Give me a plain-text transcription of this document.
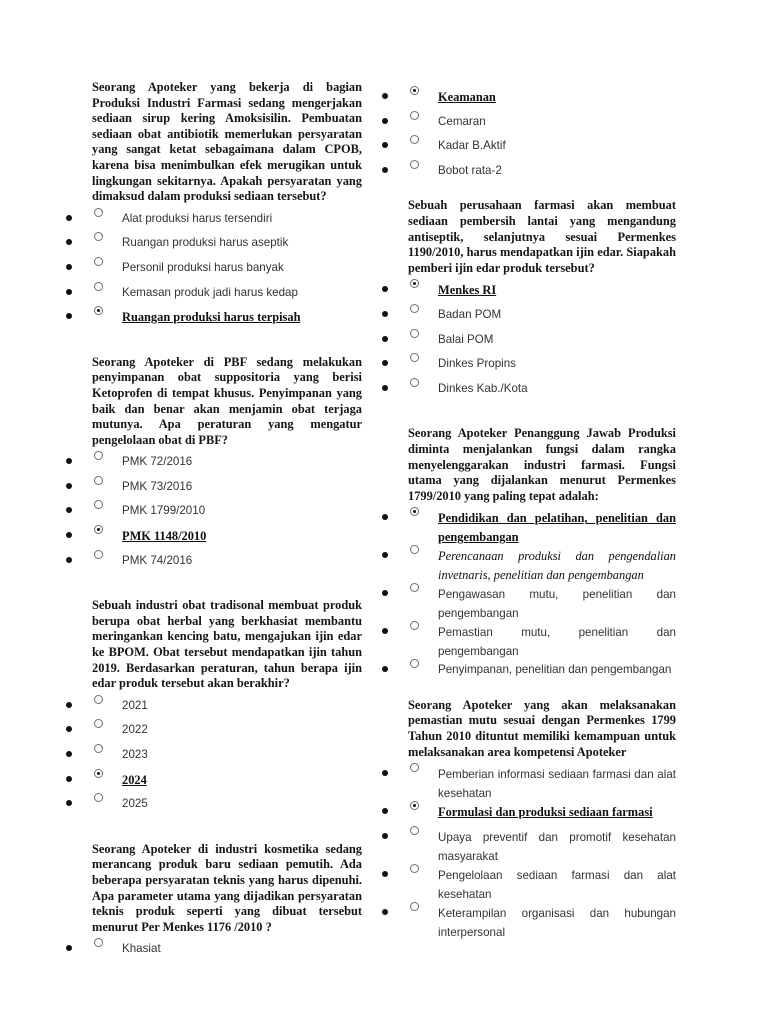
Seorang Apoteker yang bekerja di bagian Produksi Industri Farmasi sedang mengerjakan sediaan sirup kering Amoksisilin. Pembuatan sediaan obat antibiotik memerlukan persyaratan yang sangat ketat sebagaimana dalam CPOB, karena bisa menimbulkan efek merugikan untuk lingkungan sekitarnya. Apakah persyaratan yang dimaksud dalam produksi sediaan tersebut?

Alat produksi harus tersendiri
Ruangan produksi harus aseptik
Personil produksi harus banyak
Kemasan produk jadi harus kedap
Ruangan produksi harus terpisah

Seorang Apoteker di PBF sedang melakukan penyimpanan obat suppositoria yang berisi Ketoprofen di tempat khusus. Penyimpanan yang baik dan benar akan menjamin obat terjaga mutunya. Apa peraturan yang mengatur pengelolaan obat di PBF?

PMK 72/2016
PMK 73/2016
PMK 1799/2010
PMK 1148/2010
PMK 74/2016

Sebuah industri obat tradisonal membuat produk berupa obat herbal yang berkhasiat membantu meringankan kencing batu, mengajukan ijin edar ke BPOM. Obat tersebut mendapatkan ijin tahun 2019. Berdasarkan peraturan, tahun berapa ijin edar produk tersebut akan berakhir?

2021
2022
2023
2024
2025

Seorang Apoteker di industri kosmetika sedang merancang produk baru sediaan pemutih. Ada beberapa persyaratan teknis yang harus dipenuhi. Apa parameter utama yang dijadikan persyaratan teknis produk seperti yang dibuat tersebut menurut Per Menkes 1176 /2010 ?

Khasiat
Keamanan
Cemaran
Kadar B.Aktif
Bobot rata-2

Sebuah perusahaan farmasi akan membuat sediaan pembersih lantai yang mengandung antiseptik, selanjutnya sesuai Permenkes 1190/2010, harus mendapatkan ijin edar. Siapakah pemberi ijin edar produk tersebut?

Menkes RI
Badan POM
Balai POM
Dinkes Propins
Dinkes Kab./Kota

Seorang Apoteker Penanggung Jawab Produksi diminta menjalankan fungsi dalam rangka menyelenggarakan industri farmasi. Fungsi utama yang dijalankan menurut Permenkes 1799/2010 yang paling tepat adalah:

Pendidikan dan pelatihan, penelitian dan pengembangan
Perencanaan produksi dan pengendalian invetnaris, penelitian dan pengembangan
Pengawasan mutu, penelitian dan pengembangan
Pemastian mutu, penelitian dan pengembangan
Penyimpanan, penelitian dan pengembangan

Seorang Apoteker yang akan melaksanakan pemastian mutu sesuai dengan Permenkes 1799 Tahun 2010 dituntut memiliki kemampuan untuk melaksanakan area kompetensi Apoteker

Pemberian informasi sediaan farmasi dan alat kesehatan
Formulasi dan produksi sediaan farmasi
Upaya preventif dan promotif kesehatan masyarakat
Pengelolaan sediaan farmasi dan alat kesehatan
Keterampilan organisasi dan hubungan interpersonal
